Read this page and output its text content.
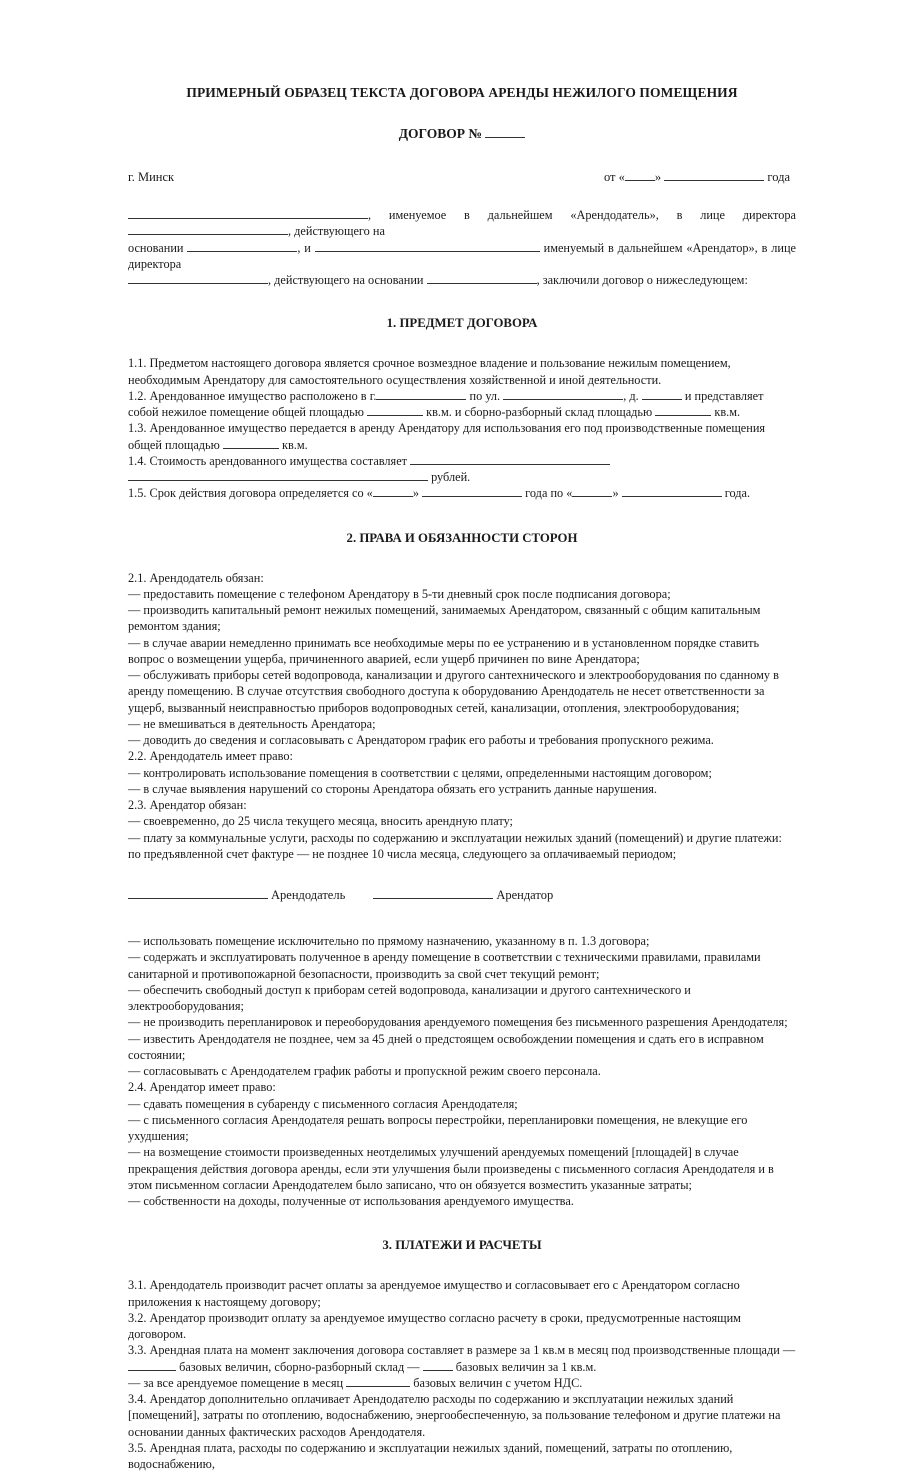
ПРИМЕРНЫЙ ОБРАЗЕЦ ТЕКСТА ДОГОВОРА АРЕНДЫ НЕЖИЛОГО ПОМЕЩЕНИЯ
ДОГОВОР №
г. Минск	от « »	года
, именуемое в дальнейшем «Арендодатель», в лице директора , действующего на
основании	, и	именуемый в дальнейшем «Арендатор», в лице директора
, действующего на основании	, заключили договор о нижеследующем:
1. ПРЕДМЕТ ДОГОВОРА

1.1. Предметом настоящего договора является срочное возмездное владение и пользование нежилым помещением, необходимым Арендатору для самостоятельного осуществления хозяйственной и иной деятельности.

1.2. Арендованное имущество расположено в г.	по ул.	, д.	и представляет собой нежилое помещение общей площадью	кв.м. и сборно-разборный склад площадью	кв.м.

1.3. Арендованное имущество передается в аренду Арендатору для использования его под производственные помещения общей площадью	кв.м.

1.4. Стоимость арендованного имущества составляет
рублей.

1.5. Срок действия договора определяется со «	»	года по «	»	года.

2. ПРАВА И ОБЯЗАННОСТИ СТОРОН

2.1. Арендодатель обязан:

— предоставить помещение с телефоном Арендатору в 5-ти дневный срок после подписания договора;

— производить капитальный ремонт нежилых помещений, занимаемых Арендатором, связанный с общим капитальным ремонтом здания;

— в случае аварии немедленно принимать все необходимые меры по ее устранению и в установленном порядке ставить вопрос о возмещении ущерба, причиненного аварией, если ущерб причинен по вине Арендатора;

— обслуживать приборы сетей водопровода, канализации и другого сантехнического и электрооборудования по сданному в аренду помещению. В случае отсутствия свободного доступа к оборудованию Арендодатель не несет ответственности за ущерб, вызванный неисправностью приборов водопроводных сетей, канализации, отопления, электрооборудования;

— не вмешиваться в деятельность Арендатора;

— доводить до сведения и согласовывать с Арендатором график его работы и требования пропускного режима.

2.2. Арендодатель имеет право:

— контролировать использование помещения в соответствии с целями, определенными настоящим договором;

— в случае выявления нарушений со стороны Арендатора обязать его устранить данные нарушения.

2.3. Арендатор обязан:

— своевременно, до 25 числа текущего месяца, вносить арендную плату;

— плату за коммунальные услуги, расходы по содержанию и эксплуатации нежилых зданий (помещений) и другие платежи: по предъявленной счет фактуре — не позднее 10 числа месяца, следующего за оплачиваемый периодом;

Арендодатель	Арендатор

— использовать помещение исключительно по прямому назначению, указанному в п. 1.3 договора;

— содержать и эксплуатировать полученное в аренду помещение в соответствии с техническими правилами, правилами санитарной и противопожарной безопасности, производить за свой счет текущий ремонт;

— обеспечить свободный доступ к приборам сетей водопровода, канализации и другого сантехнического и электрооборудования;

— не производить перепланировок и переоборудования арендуемого помещения без письменного разрешения Арендодателя;

— известить Арендодателя не позднее, чем за 45 дней о предстоящем освобождении помещения и сдать его в исправном состоянии;

— согласовывать с Арендодателем график работы и пропускной режим своего персонала.

2.4. Арендатор имеет право:

— сдавать помещения в субаренду с письменного согласия Арендодателя;

— с письменного согласия Арендодателя решать вопросы перестройки, перепланировки помещения, не влекущие его ухудшения;

— на возмещение стоимости произведенных неотделимых улучшений арендуемых помещений [площадей] в случае прекращения действия договора аренды, если эти улучшения были произведены с письменного согласия Арендодателя и в этом письменном согласии Арендодателем было записано, что он обязуется возместить указанные затраты;

— собственности на доходы, полученные от использования арендуемого имущества.

3. ПЛАТЕЖИ И РАСЧЕТЫ

3.1. Арендодатель производит расчет оплаты за арендуемое имущество и согласовывает его с Арендатором согласно приложения к настоящему договору;

3.2. Арендатор производит оплату за арендуемое имущество согласно расчету в сроки, предусмотренные настоящим договором.

3.3. Арендная плата на момент заключения договора составляет в размере за 1 кв.м в месяц под производственные площади —  базовых величин, сборно-разборный склад —  базовых величин за 1 кв.м.

— за все арендуемое помещение в месяц	базовых величин с учетом НДС.

3.4. Арендатор дополнительно оплачивает Арендодателю расходы по содержанию и эксплуатации нежилых зданий [помещений], затраты по отоплению, водоснабжению, энергообеспеченную, за пользование телефоном и другие платежи на основании данных фактических расходов Арендодателя.

3.5. Арендная плата, расходы по содержанию и эксплуатации нежилых зданий, помещений, затраты по отоплению, водоснабжению,
